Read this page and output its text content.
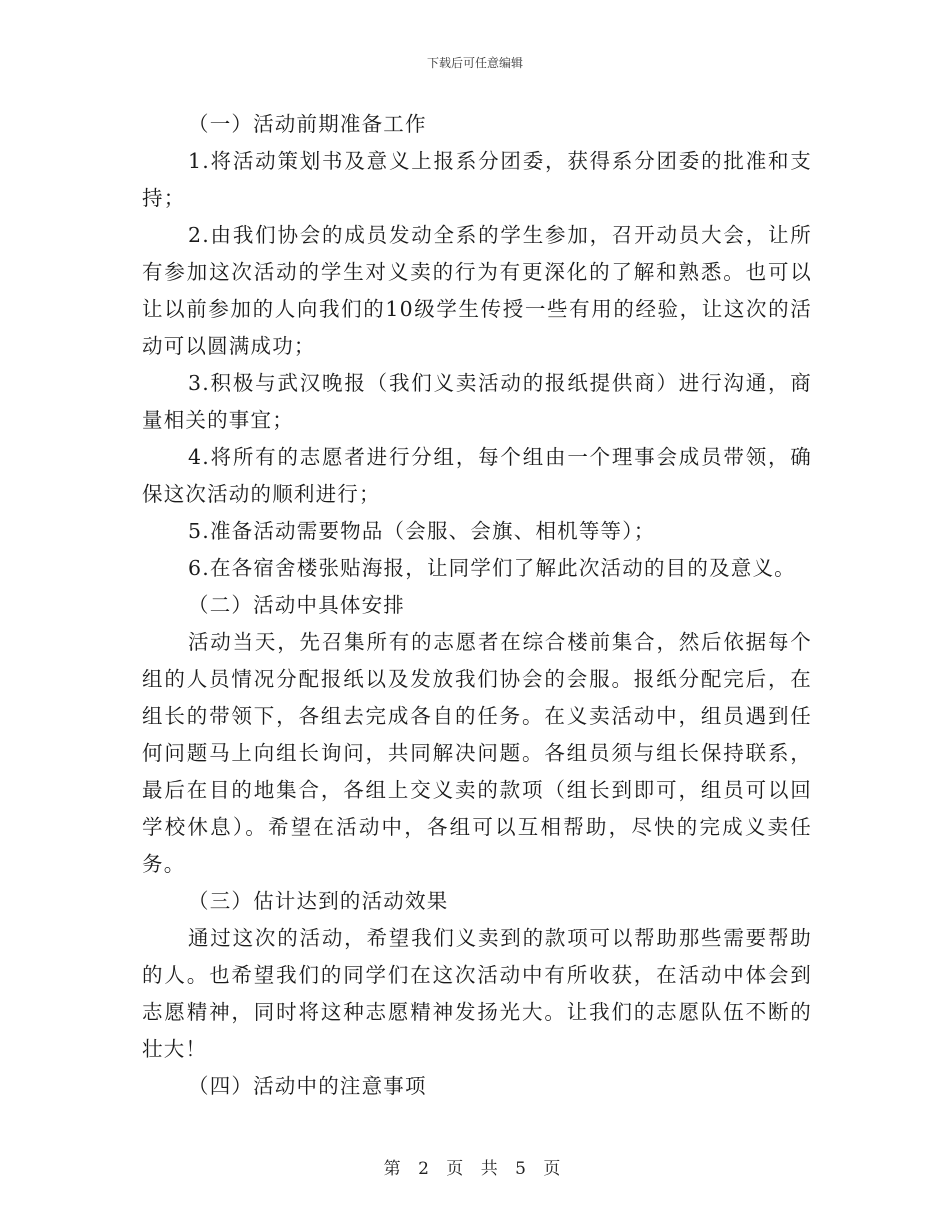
下载后可任意编辑

（一）活动前期准备工作

1.将活动策划书及意义上报系分团委，获得系分团委的批准和支

持；

2.由我们协会的成员发动全系的学生参加，召开动员大会，让所

有参加这次活动的学生对义卖的行为有更深化的了解和熟悉。也可以

让以前参加的人向我们的10级学生传授一些有用的经验，让这次的活

动可以圆满成功；

3.积极与武汉晚报（我们义卖活动的报纸提供商）进行沟通，商

量相关的事宜；

4.将所有的志愿者进行分组，每个组由一个理事会成员带领，确

保这次活动的顺利进行；

5.准备活动需要物品（会服、会旗、相机等等）；

6.在各宿舍楼张贴海报，让同学们了解此次活动的目的及意义。

（二）活动中具体安排

活动当天，先召集所有的志愿者在综合楼前集合，然后依据每个

组的人员情况分配报纸以及发放我们协会的会服。报纸分配完后，在

组长的带领下，各组去完成各自的任务。在义卖活动中，组员遇到任

何问题马上向组长询问，共同解决问题。各组员须与组长保持联系，

最后在目的地集合，各组上交义卖的款项（组长到即可，组员可以回

学校休息）。希望在活动中，各组可以互相帮助，尽快的完成义卖任

务。

（三）估计达到的活动效果

通过这次的活动，希望我们义卖到的款项可以帮助那些需要帮助

的人。也希望我们的同学们在这次活动中有所收获，在活动中体会到

志愿精神，同时将这种志愿精神发扬光大。让我们的志愿队伍不断的

壮大！

（四）活动中的注意事项

第 2 页 共 5 页
